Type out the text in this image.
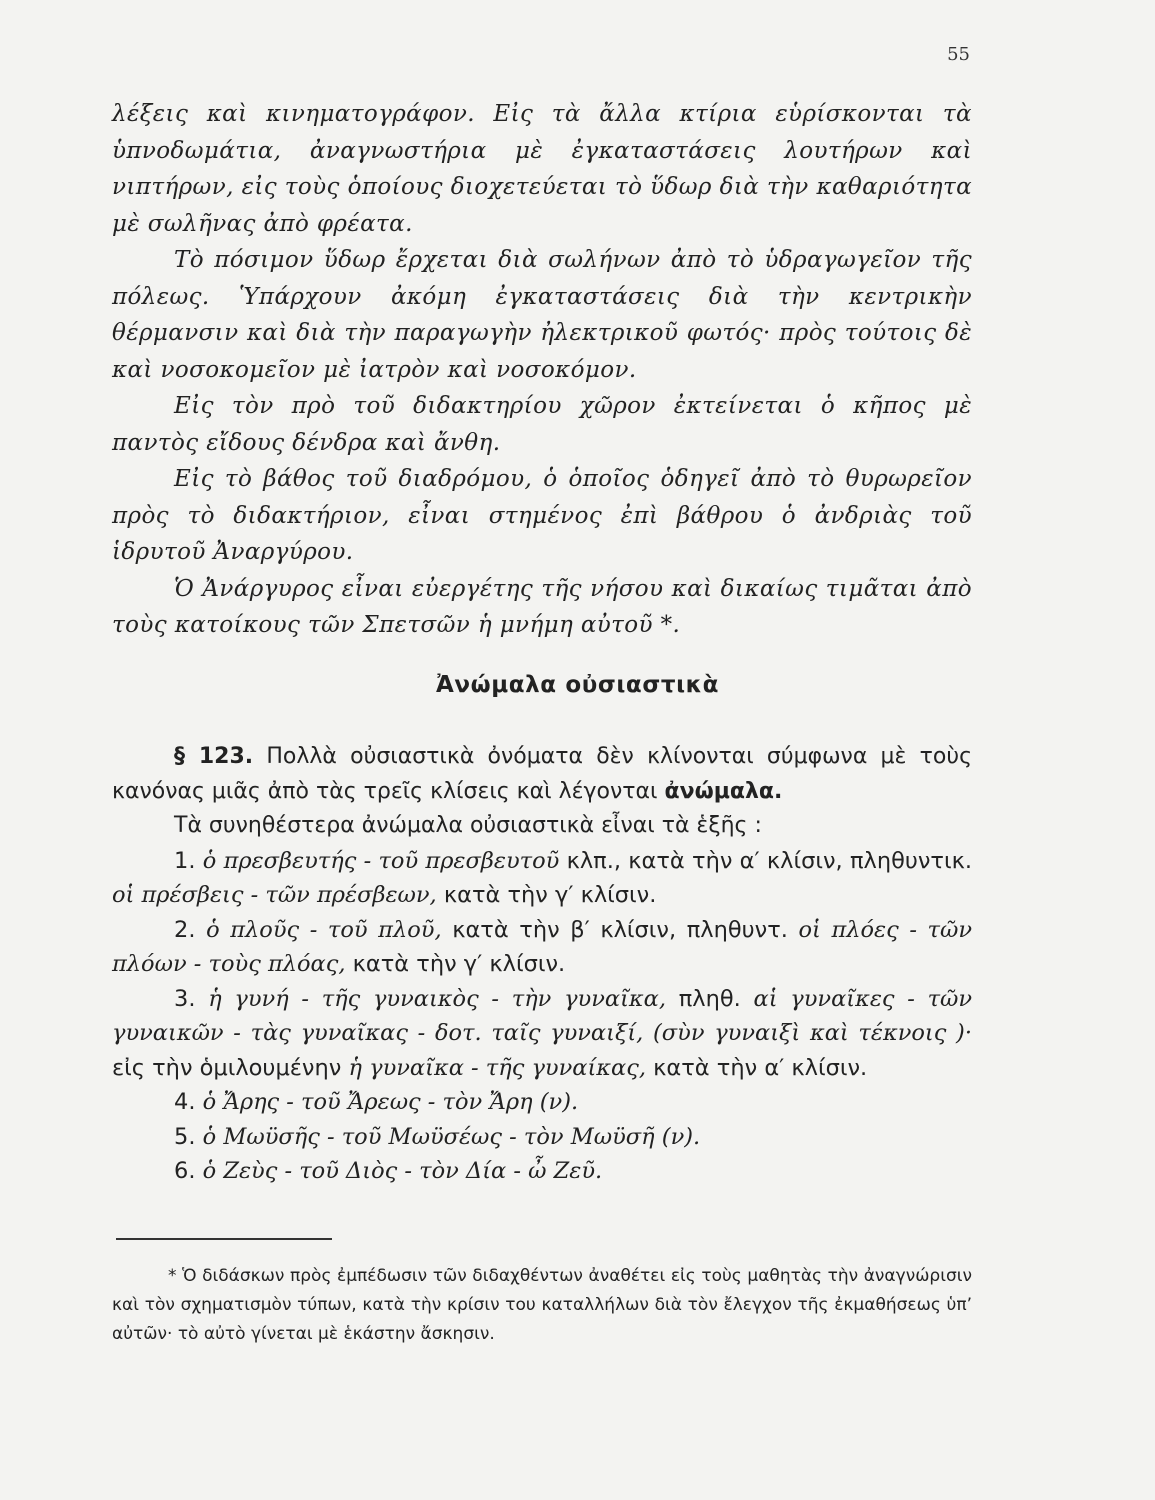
55

λέξεις καὶ κινηματογράφον. Εἰς τὰ ἄλλα κτίρια εὑρίσκονται τὰ ὑπνοδωμάτια, ἀναγνωστήρια μὲ ἐγκαταστάσεις λουτήρων καὶ νιπτήρων, εἰς τοὺς ὁποίους διοχετεύεται τὸ ὕδωρ διὰ τὴν καθαριότητα μὲ σωλῆνας ἀπὸ φρέατα.

Τὸ πόσιμον ὕδωρ ἔρχεται διὰ σωλήνων ἀπὸ τὸ ὑδραγωγεῖον τῆς πόλεως. Ὑπάρχουν ἀκόμη ἐγκαταστάσεις διὰ τὴν κεντρικὴν θέρμανσιν καὶ διὰ τὴν παραγωγὴν ἠλεκτρικοῦ φωτός· πρὸς τούτοις δὲ καὶ νοσοκομεῖον μὲ ἰατρὸν καὶ νοσοκόμον.

Εἰς τὸν πρὸ τοῦ διδακτηρίου χῶρον ἐκτείνεται ὁ κῆπος μὲ παντὸς εἴδους δένδρα καὶ ἄνθη.

Εἰς τὸ βάθος τοῦ διαδρόμου, ὁ ὁποῖος ὁδηγεῖ ἀπὸ τὸ θυρωρεῖον πρὸς τὸ διδακτήριον, εἶναι στημένος ἐπὶ βάθρου ὁ ἀνδριὰς τοῦ ἱδρυτοῦ Ἀναργύρου.

Ὁ Ἀνάργυρος εἶναι εὐεργέτης τῆς νήσου καὶ δικαίως τιμᾶται ἀπὸ τοὺς κατοίκους τῶν Σπετσῶν ἡ μνήμη αὐτοῦ *.

Ἀνώμαλα οὐσιαστικὰ

§ 123. Πολλὰ οὐσιαστικὰ ὀνόματα δὲν κλίνονται σύμφωνα μὲ τοὺς κανόνας μιᾶς ἀπὸ τὰς τρεῖς κλίσεις καὶ λέγονται ἀνώμαλα.

Τὰ συνηθέστερα ἀνώμαλα οὐσιαστικὰ εἶναι τὰ ἑξῆς :

1. ὁ πρεσβευτής - τοῦ πρεσβευτοῦ κλπ., κατὰ τὴν α′ κλίσιν, πληθυντικ. οἱ πρέσβεις - τῶν πρέσβεων, κατὰ τὴν γ′ κλίσιν.

2. ὁ πλοῦς - τοῦ πλοῦ, κατὰ τὴν β′ κλίσιν, πληθυντ. οἱ πλόες - τῶν πλόων - τοὺς πλόας, κατὰ τὴν γ′ κλίσιν.

3. ἡ γυνή - τῆς γυναικὸς - τὴν γυναῖκα, πληθ. αἱ γυναῖκες - τῶν γυναικῶν - τὰς γυναῖκας - δοτ. ταῖς γυναιξί, (σὺν γυναιξὶ καὶ τέκνοις )· εἰς τὴν ὁμιλουμένην ἡ γυναῖκα - τῆς γυναίκας, κατὰ τὴν α′ κλίσιν.

4. ὁ Ἄρης - τοῦ Ἄρεως - τὸν Ἄρη (ν).

5. ὁ Μωϋσῆς - τοῦ Μωϋσέως - τὸν Μωϋσῆ (ν).

6. ὁ Ζεὺς - τοῦ Διὸς - τὸν Δία - ὦ Ζεῦ.

* Ὁ διδάσκων πρὸς ἐμπέδωσιν τῶν διδαχθέντων ἀναθέτει εἰς τοὺς μαθητὰς τὴν ἀναγνώρισιν καὶ τὸν σχηματισμὸν τύπων, κατὰ τὴν κρίσιν του καταλλήλων διὰ τὸν ἔλεγχον τῆς ἐκμαθήσεως ὑπ’ αὐτῶν· τὸ αὐτὸ γίνεται μὲ ἑκάστην ἄσκησιν.
